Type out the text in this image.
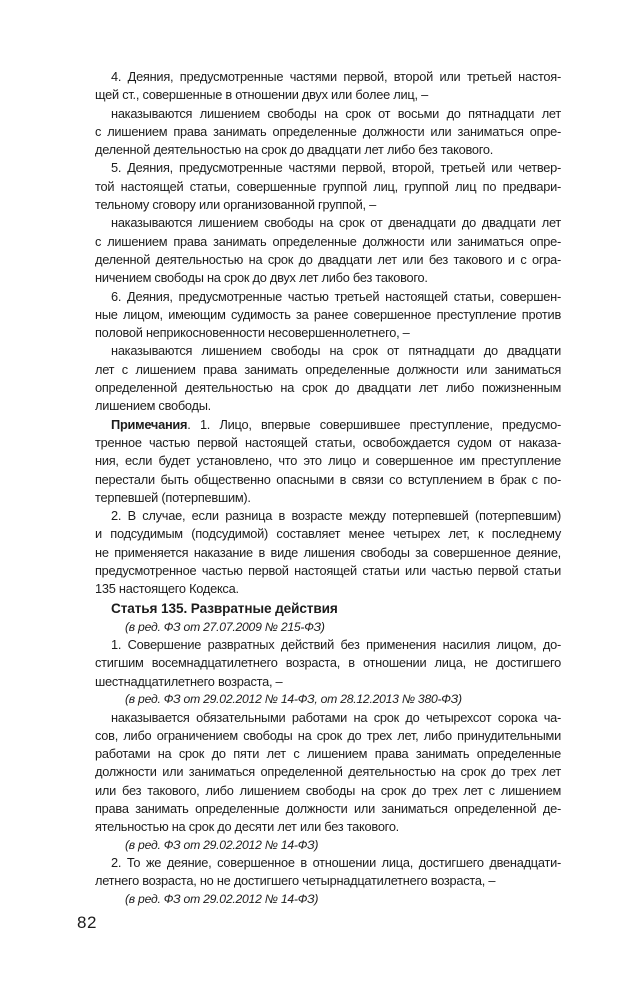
4. Деяния, предусмотренные частями первой, второй или третьей настоя-
щей ст., совершенные в отношении двух или более лиц, –
наказываются лишением свободы на срок от восьми до пятнадцати лет
с лишением права занимать определенные должности или заниматься опре-
деленной деятельностью на срок до двадцати лет либо без такового.
5. Деяния, предусмотренные частями первой, второй, третьей или четвер-
той настоящей статьи, совершенные группой лиц, группой лиц по предвари-
тельному сговору или организованной группой, –
наказываются лишением свободы на срок от двенадцати до двадцати лет
с лишением права занимать определенные должности или заниматься опре-
деленной деятельностью на срок до двадцати лет или без такового и с огра-
ничением свободы на срок до двух лет либо без такового.
6. Деяния, предусмотренные частью третьей настоящей статьи, совершен-
ные лицом, имеющим судимость за ранее совершенное преступление против
половой неприкосновенности несовершеннолетнего, –
наказываются лишением свободы на срок от пятнадцати до двадцати
лет с лишением права занимать определенные должности или заниматься
определенной деятельностью на срок до двадцати лет либо пожизненным
лишением свободы.
Примечания. 1. Лицо, впервые совершившее преступление, предусмо-
тренное частью первой настоящей статьи, освобождается судом от наказа-
ния, если будет установлено, что это лицо и совершенное им преступление
перестали быть общественно опасными в связи со вступлением в брак с по-
терпевшей (потерпевшим).
2. В случае, если разница в возрасте между потерпевшей (потерпевшим)
и подсудимым (подсудимой) составляет менее четырех лет, к последнему
не применяется наказание в виде лишения свободы за совершенное деяние,
предусмотренное частью первой настоящей статьи или частью первой статьи
135 настоящего Кодекса.
Статья 135. Развратные действия
(в ред. ФЗ от 27.07.2009 № 215-ФЗ)
1. Совершение развратных действий без применения насилия лицом, до-
стигшим восемнадцатилетнего возраста, в отношении лица, не достигшего
шестнадцатилетнего возраста, –
(в ред. ФЗ от 29.02.2012 № 14-ФЗ, от 28.12.2013 № 380-ФЗ)
наказывается обязательными работами на срок до четырехсот сорока ча-
сов, либо ограничением свободы на срок до трех лет, либо принудительными
работами на срок до пяти лет с лишением права занимать определенные
должности или заниматься определенной деятельностью на срок до трех лет
или без такового, либо лишением свободы на срок до трех лет с лишением
права занимать определенные должности или заниматься определенной де-
ятельностью на срок до десяти лет или без такового.
(в ред. ФЗ от 29.02.2012 № 14-ФЗ)
2. То же деяние, совершенное в отношении лица, достигшего двенадцати-
летнего возраста, но не достигшего четырнадцатилетнего возраста, –
(в ред. ФЗ от 29.02.2012 № 14-ФЗ)
82
